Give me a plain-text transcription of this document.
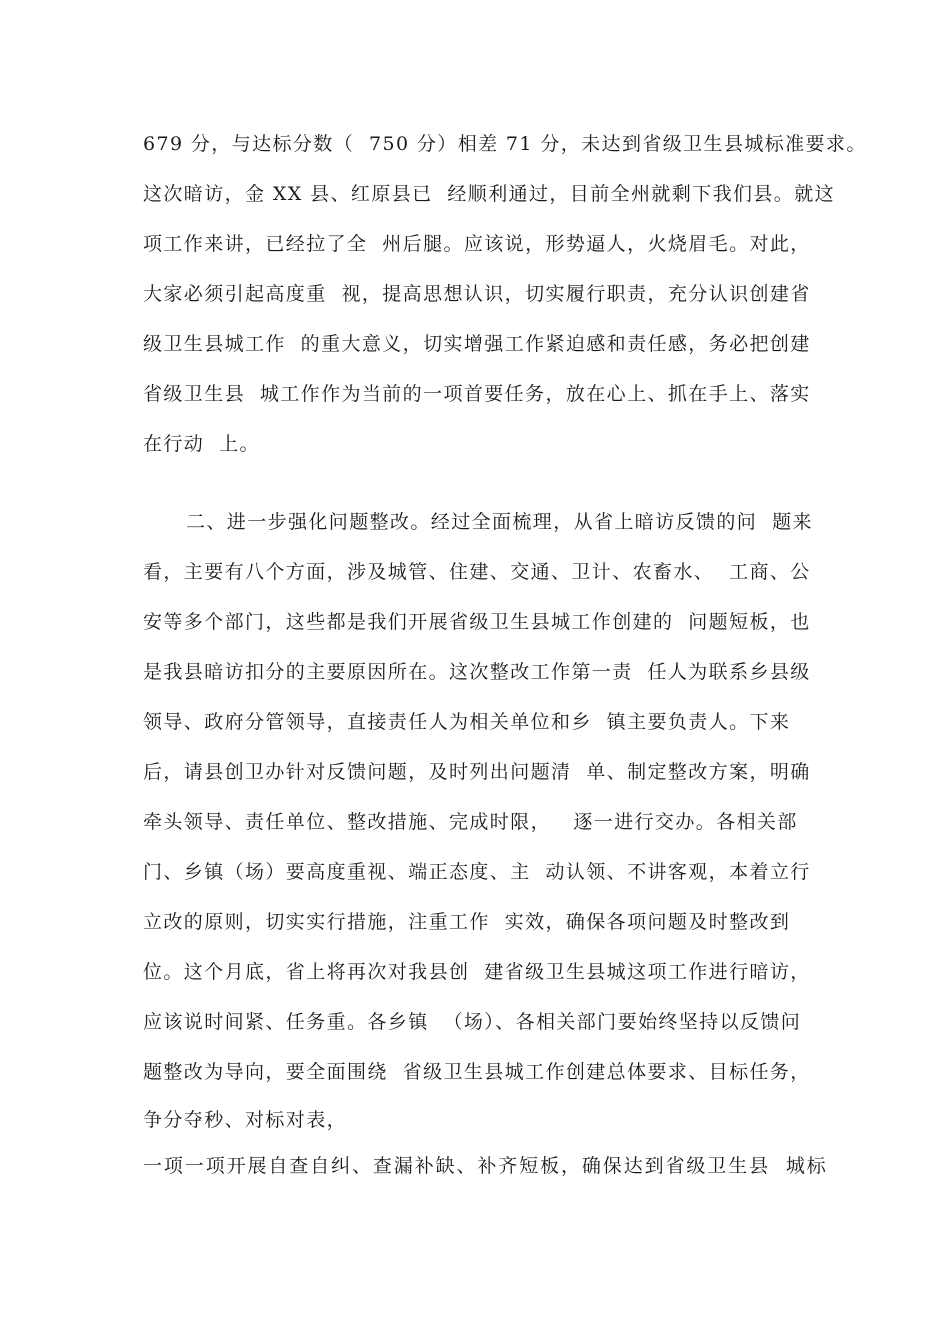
679 分，与达标分数（  750 分）相差 71 分，未达到省级卫生县城标准要求。
这次暗访，金 XX 县、红原县已  经顺利通过，目前全州就剩下我们县。就这
项工作来讲，已经拉了全  州后腿。应该说，形势逼人，火烧眉毛。对此，
大家必须引起高度重  视，提高思想认识，切实履行职责，充分认识创建省
级卫生县城工作  的重大意义，切实增强工作紧迫感和责任感，务必把创建
省级卫生县  城工作作为当前的一项首要任务，放在心上、抓在手上、落实
在行动  上。
二、进一步强化问题整改。经过全面梳理，从省上暗访反馈的问  题来
看，主要有八个方面，涉及城管、住建、交通、卫计、农畜水、  工商、公
安等多个部门，这些都是我们开展省级卫生县城工作创建的  问题短板，也
是我县暗访扣分的主要原因所在。这次整改工作第一责  任人为联系乡县级
领导、政府分管领导，直接责任人为相关单位和乡  镇主要负责人。下来
后，请县创卫办针对反馈问题，及时列出问题清  单、制定整改方案，明确
牵头领导、责任单位、整改措施、完成时限，   逐一进行交办。各相关部
门、乡镇（场）要高度重视、端正态度、主  动认领、不讲客观，本着立行
立改的原则，切实实行措施，注重工作  实效，确保各项问题及时整改到
位。这个月底，省上将再次对我县创  建省级卫生县城这项工作进行暗访，
应该说时间紧、任务重。各乡镇  （场）、各相关部门要始终坚持以反馈问
题整改为导向，要全面围绕  省级卫生县城工作创建总体要求、目标任务，
争分夺秒、对标对表，
一项一项开展自查自纠、查漏补缺、补齐短板，确保达到省级卫生县  城标
